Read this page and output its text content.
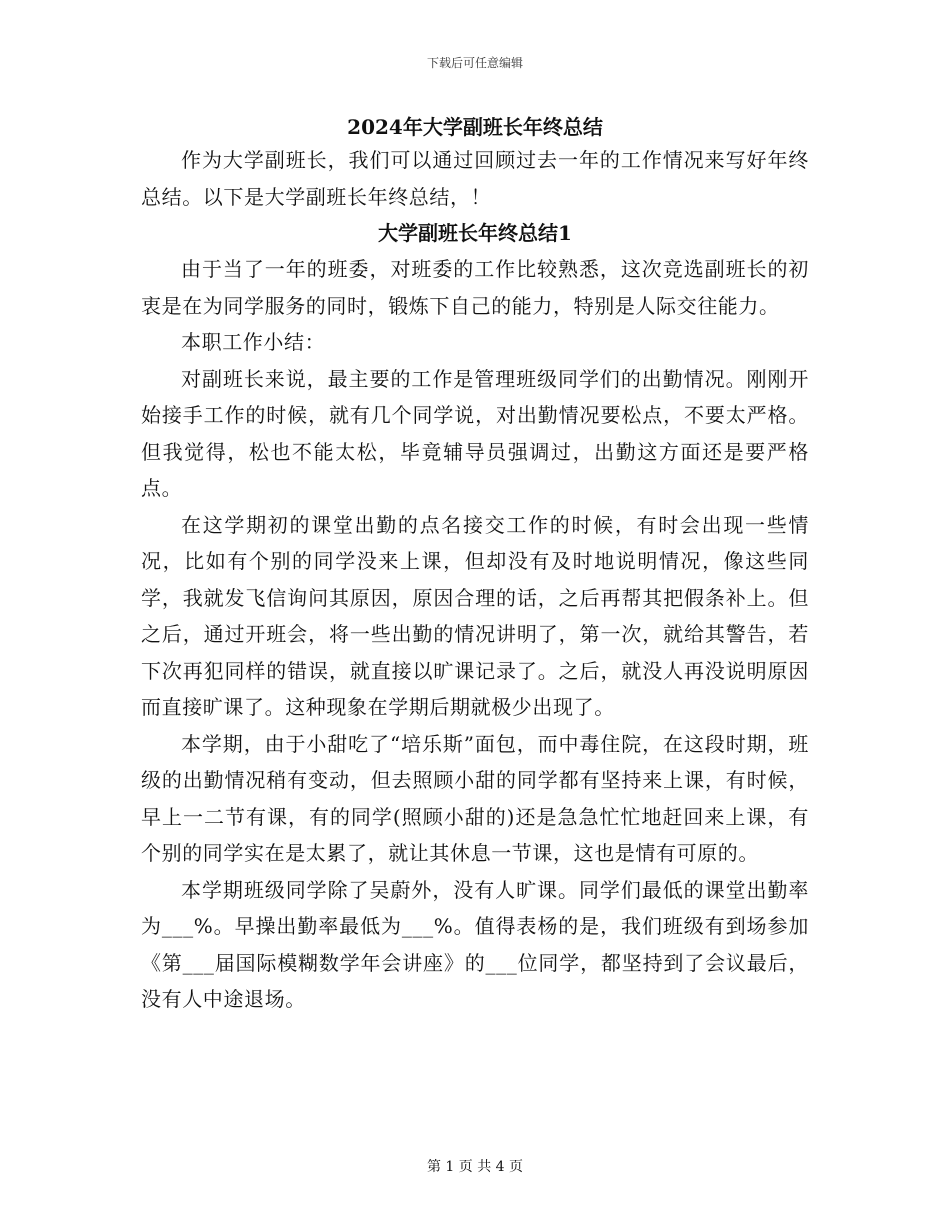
下载后可任意编辑
2024年大学副班长年终总结

作为大学副班长，我们可以通过回顾过去一年的工作情况来写好年终总结。以下是大学副班长年终总结，！

大学副班长年终总结1

由于当了一年的班委，对班委的工作比较熟悉，这次竞选副班长的初衷是在为同学服务的同时，锻炼下自己的能力，特别是人际交往能力。

本职工作小结：

对副班长来说，最主要的工作是管理班级同学们的出勤情况。刚刚开始接手工作的时候，就有几个同学说，对出勤情况要松点，不要太严格。但我觉得，松也不能太松，毕竟辅导员强调过，出勤这方面还是要严格点。

在这学期初的课堂出勤的点名接交工作的时候，有时会出现一些情况，比如有个别的同学没来上课，但却没有及时地说明情况，像这些同学，我就发飞信询问其原因，原因合理的话，之后再帮其把假条补上。但之后，通过开班会，将一些出勤的情况讲明了，第一次，就给其警告，若下次再犯同样的错误，就直接以旷课记录了。之后，就没人再没说明原因而直接旷课了。这种现象在学期后期就极少出现了。

本学期，由于小甜吃了“培乐斯”面包，而中毒住院，在这段时期，班级的出勤情况稍有变动，但去照顾小甜的同学都有坚持来上课，有时候，早上一二节有课，有的同学(照顾小甜的)还是急急忙忙地赶回来上课，有个别的同学实在是太累了，就让其休息一节课，这也是情有可原的。

本学期班级同学除了吴蔚外，没有人旷课。同学们最低的课堂出勤率为___%。早操出勤率最低为___%。值得表杨的是，我们班级有到场参加《第___届国际模糊数学年会讲座》的___位同学，都坚持到了会议最后，没有人中途退场。

第 1 页 共 4 页
